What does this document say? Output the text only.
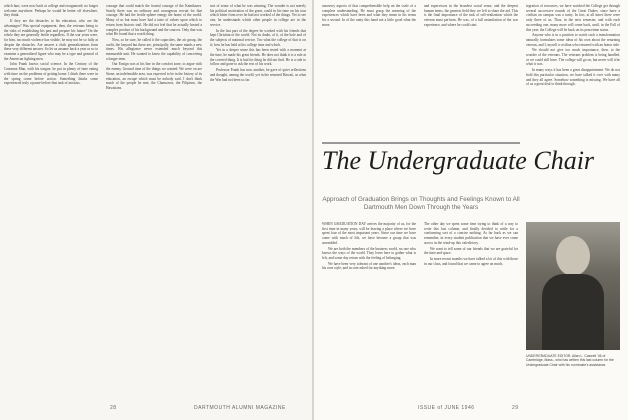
which hurt, were now back at college and reorganized; no longer welcome anywhere. Perhaps he would be better off elsewhere, they think.

If they are the obstacles to his education, who are the advantages? Was special equipment, then, the veterans being to the risks of establishing his past and prepare his future? On the whole they are generally fertile regardless. If the war years were, for him, too much violence has visible, he may not be so fully at despite the obstacles. Are answer a cloth generalizations from these very different answer. So let us assume back a year or so to examine a generalized figure who may be a type and general of the American fighting men.

John Frank knows social science. In the Century of the Common Man, with his tongue, he put in plenty of time eating with time on the problems of getting home. I think there were in the spring come before action. Something thinks some experienced truly a pause before that task of anxious.

courage that could match the frontal courage of the Kamikazes. Surely there was no ordinary and courageous recruit for that courage. He had the fertile sphere energy the home of the world. Many of us but must have had a taste of values upon which to return from historic trail. He did not feel that he actually hosted a complex product of his background and the sources. Only that was what He found that a worth thing.

Now, so be sure, he called it the capacities, the air group, the outfit, the lanyard but these are, principally, the same minds a new times. His allegiance never extended much beyond this measurable unit. He wanted to know the capability of conceiving a longer term.

Our Ensign was at his line in the comfort zone, to argue with the enemy. Ground time of the things we wanted. We were on are Stone, an indefensible area, was expected to be in the history of its education, an escape which must be nobody said. I don't think much of the people he met, the Chamorros, the Filipinos, the Hawaiians.

sort of sense of what he was winning. The wonder is not merely his political motivation of the great, could in his time on his tour which bitter from over he had not worked of the things. Yet to see one, he understands which other people in college are in the service.

In the last part of the degree he worked with his friends that kept Christian of the world. Not its doubt, of it, of the hole and of the subjects of national service. Too what the college of that is on it; how he has held at his college time and which.

Yet in a deeper sense this has been tested with a moment at the time, he made his great friends. He does not think it is a rule at the covered thing. It is bad for thing he did not find. He is a rule to follow and gone to ask the rest of his work.

Professor Frank has now another, he gave of quiet reflections and thought, among the world; yet in the returned Hawaii, as what the War had not been so far.

28	DARTMOUTH ALUMNI MAGAZINE

unsavory aspects of that comprehensible help on the scale of a complete understanding. He must grasp the meaning of the experiences which have been and what they mean in his terms for a second. In of the unity this hand not a little good what the more.

and supervisors in the broadest social sense, and the deepest human terms, the greatest field they we left to share the aid. This is the final importance of the task of self-realization which the veteran must perform. He was, of a full assimilation of the war experience, and where he could start.

tegration of resources, we have watched the College get through several successive rounds of the Great Dukes; since have a civilian on campus was a rarity. In fact, at all times there were only three of us. Thus, in the next semester, and with each succeeding one, many more will come back, until, in the Fall of this year, the College will be back on its peacetime status.

Anyone who is in a position to watch such a transformation naturally formulates some ideas of his own about the returning veteran, and I, myself a civilian who returned with an honor side.

We should not give too much importance, then, to the wonder of the veterans. The veterans problem is being handled, or we could still have. The college will go on, but never will it be what it was.

In many ways it has been a great disappointment. We do not hold this particular situation, we have talked it over with many and they all agree. Somehow something is missing. We have all of us a great deal to think through.

The Undergraduate Chair
Approach of Graduation Brings on Thoughts and Feelings Known to All Dartmouth Men Down Through the Years

WHEN GRADUATION DAY arrives the majority of us, for the first time in many years, will be leaving a place where we have spent four of the most important years. Since our time we have come with much of life, we have become a group that was assembled.

We are both the members of the business world, no one who knows the ways of the world. They leave here to gather what is left, and some day return with the feeling of belonging.

We have been very tolerant of one another's ideas, each man his own style, and no one asked for anything more.

The other day we spent some time trying to think of a way to write this last column, and finally decided to settle for a conforming sort of a concise nothing. As far back as we can remember, in every student publication that we have ever come across in the wind-up this valedictory.

We want to tell some of our friends that we are grateful for the time and space.

In more recent months we have talked a lot of this with those in our class, and found that we came to agree on much.

UNDERGRADUATE EDITOR: Allan L. Caswell '46 of Cambridge, Mass., who has written this last column for the Undergraduate Chair with his roommate's assistance.
ISSUE of JUNE 1946	29
